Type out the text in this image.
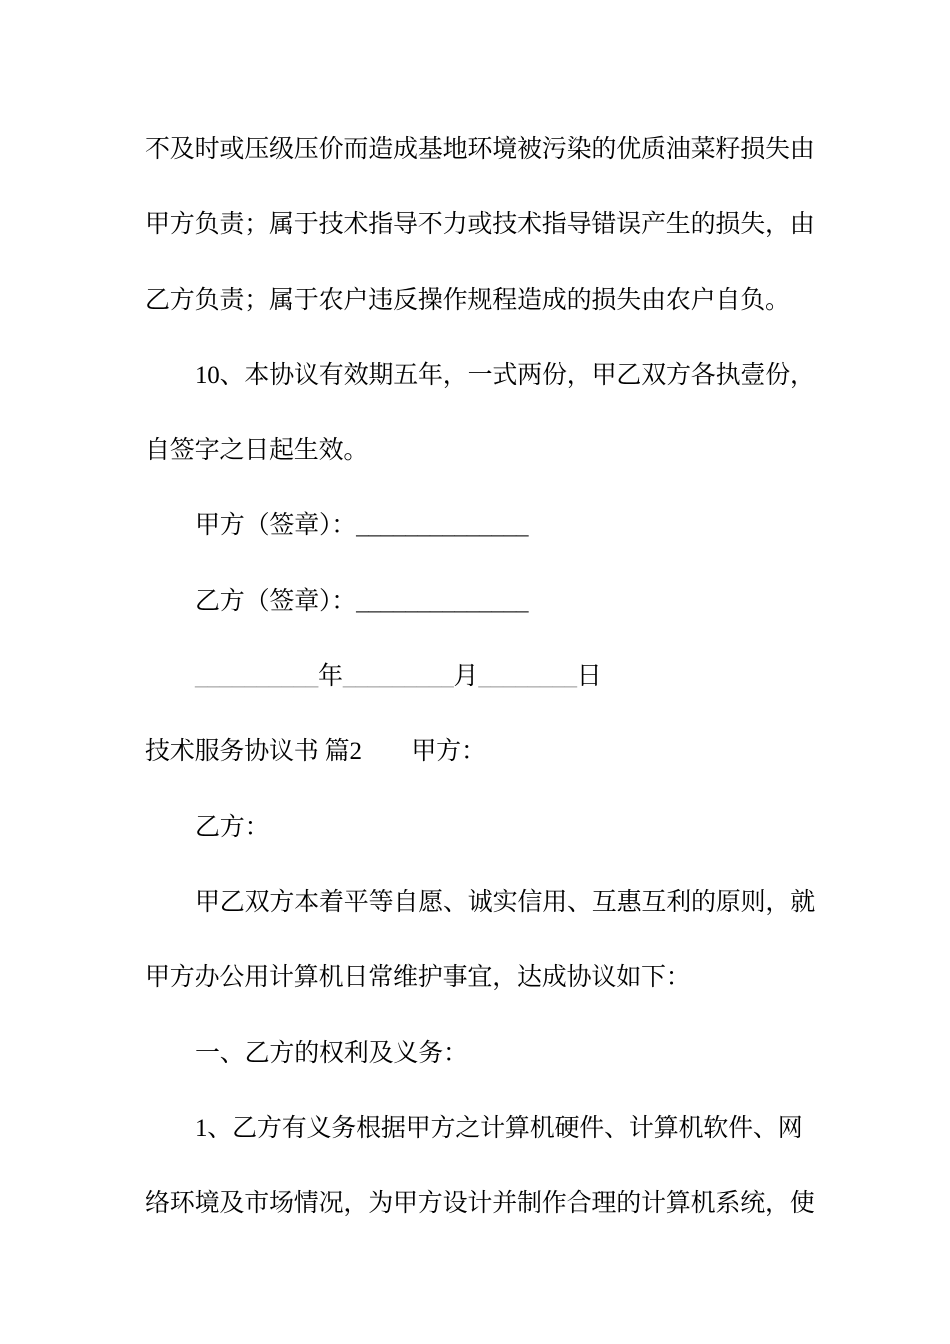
不及时或压级压价而造成基地环境被污染的优质油菜籽损失由
甲方负责；属于技术指导不力或技术指导错误产生的损失，由
乙方负责；属于农户违反操作规程造成的损失由农户自负。
10、本协议有效期五年，一式两份，甲乙双方各执壹份，
自签字之日起生效。
甲方（签章）：______________
乙方（签章）：______________
__________年_________月________日
技术服务协议书 篇2　　甲方：
乙方：
甲乙双方本着平等自愿、诚实信用、互惠互利的原则，就
甲方办公用计算机日常维护事宜，达成协议如下：
一、乙方的权利及义务：
1、乙方有义务根据甲方之计算机硬件、计算机软件、网
络环境及市场情况，为甲方设计并制作合理的计算机系统，使
